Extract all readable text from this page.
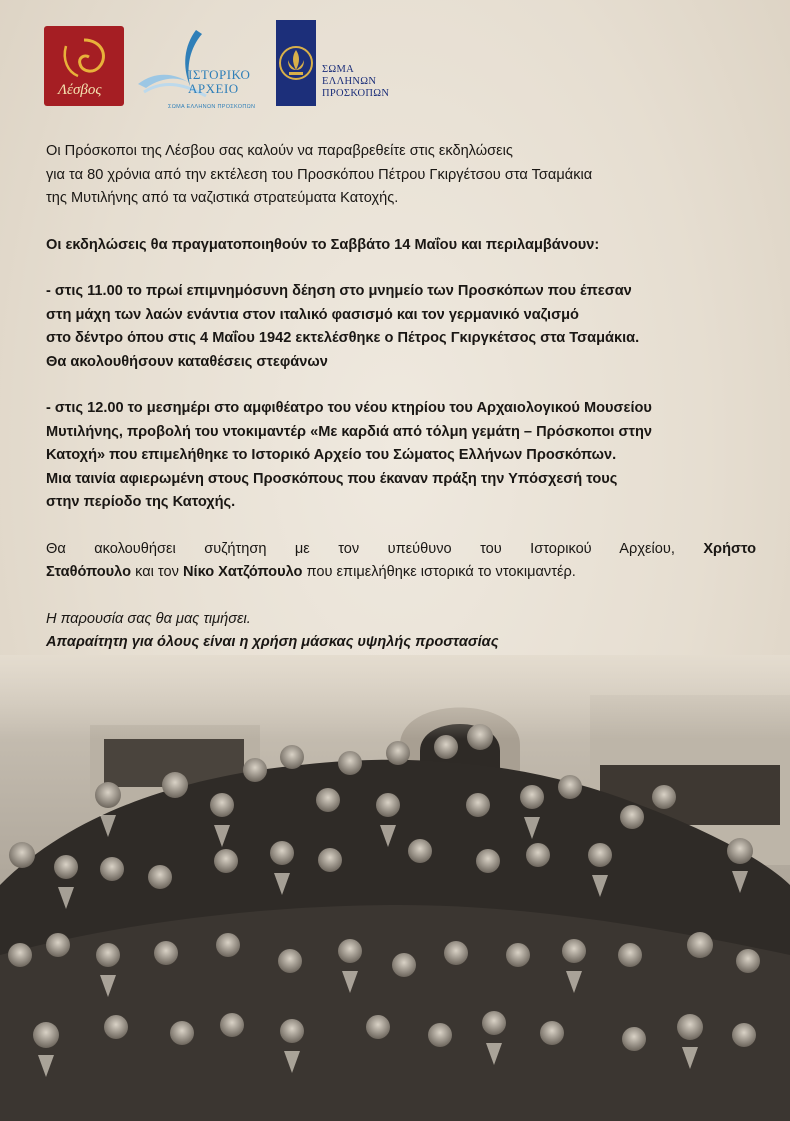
Λέσβος
ΙΣΤΟΡΙΚΟ
ΑΡΧΕΙΟ
ΣΩΜΑ ΕΛΛΗΝΩΝ ΠΡΟΣΚΟΠΩΝ
ΣΩΜΑ
ΕΛΛΗΝΩΝ
ΠΡΟΣΚΟΠΩΝ
Οι Πρόσκοποι της Λέσβου σας καλούν να παραβρεθείτε στις εκδηλώσεις
για τα 80 χρόνια από την εκτέλεση του Προσκόπου Πέτρου Γκιργέτσου στα Τσαμάκια
της Μυτιλήνης από τα ναζιστικά στρατεύματα Κατοχής.
Οι εκδηλώσεις θα πραγματοποιηθούν το Σαββάτο 14 Μαΐου και περιλαμβάνουν:
- στις 11.00 το πρωί επιμνημόσυνη δέηση στο μνημείο των Προσκόπων που έπεσαν
στη μάχη των λαών ενάντια στον ιταλικό φασισμό και τον γερμανικό ναζισμό
στο δέντρο όπου στις 4 Μαΐου 1942 εκτελέσθηκε ο Πέτρος Γκιργκέτσος στα Τσαμάκια.
Θα ακολουθήσουν καταθέσεις στεφάνων
- στις 12.00 το μεσημέρι στο αμφιθέατρο του νέου κτηρίου του Αρχαιολογικού Μουσείου
Μυτιλήνης, προβολή του ντοκιμαντέρ «Με καρδιά από τόλμη γεμάτη – Πρόσκοποι στην
Κατοχή» που επιμελήθηκε το Ιστορικό Αρχείο του Σώματος Ελλήνων Προσκόπων.
Μια ταινία αφιερωμένη στους Προσκόπους που έκαναν πράξη την Υπόσχεσή τους
στην περίοδο της Κατοχής.
Θα ακολουθήσει συζήτηση με τον υπεύθυνο του Ιστορικού Αρχείου, Χρήστο
Σταθόπουλο και τον Νίκο Χατζόπουλο που επιμελήθηκε ιστορικά το ντοκιμαντέρ.
Η παρουσία σας θα μας τιμήσει.
Απαραίτητη για όλους είναι η χρήση μάσκας υψηλής προστασίας
